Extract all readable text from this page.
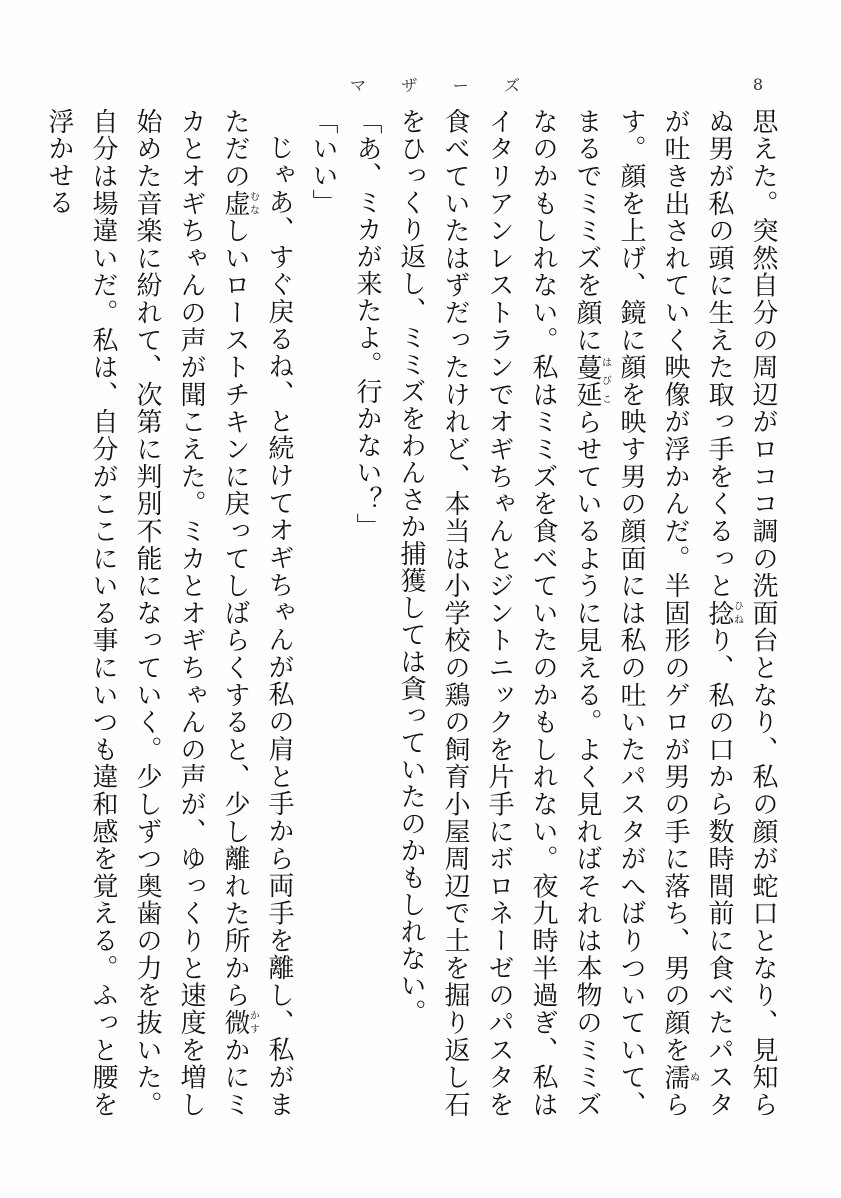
8
マ ザ ー ズ

思えた。突然自分の周辺がロココ調の洗面台となり、私の顔が蛇口となり、見知らぬ男が私の頭に生えた取っ手をくるっと捻ひねり、私の口から数時間前に食べたパスタが吐き出されていく映像が浮かんだ。半固形のゲロが男の手に落ち、男の顔を濡ぬらす。顔を上げ、鏡に顔を映す男の顔面には私の吐いたパスタがへばりついていて、まるでミミズを顔に蔓延はびこらせているように見える。よく見ればそれは本物のミミズなのかもしれない。私はミミズを食べていたのかもしれない。夜九時半過ぎ、私はイタリアンレストランでオギちゃんとジントニックを片手にボロネーゼのパスタを食べていたはずだったけれど、本当は小学校の鶏の飼育小屋周辺で土を掘り返し石をひっくり返し、ミミズをわんさか捕獲しては貪っていたのかもしれない。

「あ、ミカが来たよ。行かない？」

「いい」

じゃあ、すぐ戻るね、と続けてオギちゃんが私の肩と手から両手を離し、私がまただの虚むなしいローストチキンに戻ってしばらくすると、少し離れた所から微かすかにミカとオギちゃんの声が聞こえた。ミカとオギちゃんの声が、ゆっくりと速度を増し始めた音楽に紛れて、次第に判別不能になっていく。少しずつ奥歯の力を抜いた。自分は場違いだ。私は、自分がここにいる事にいつも違和感を覚える。ふっと腰を浮かせる
